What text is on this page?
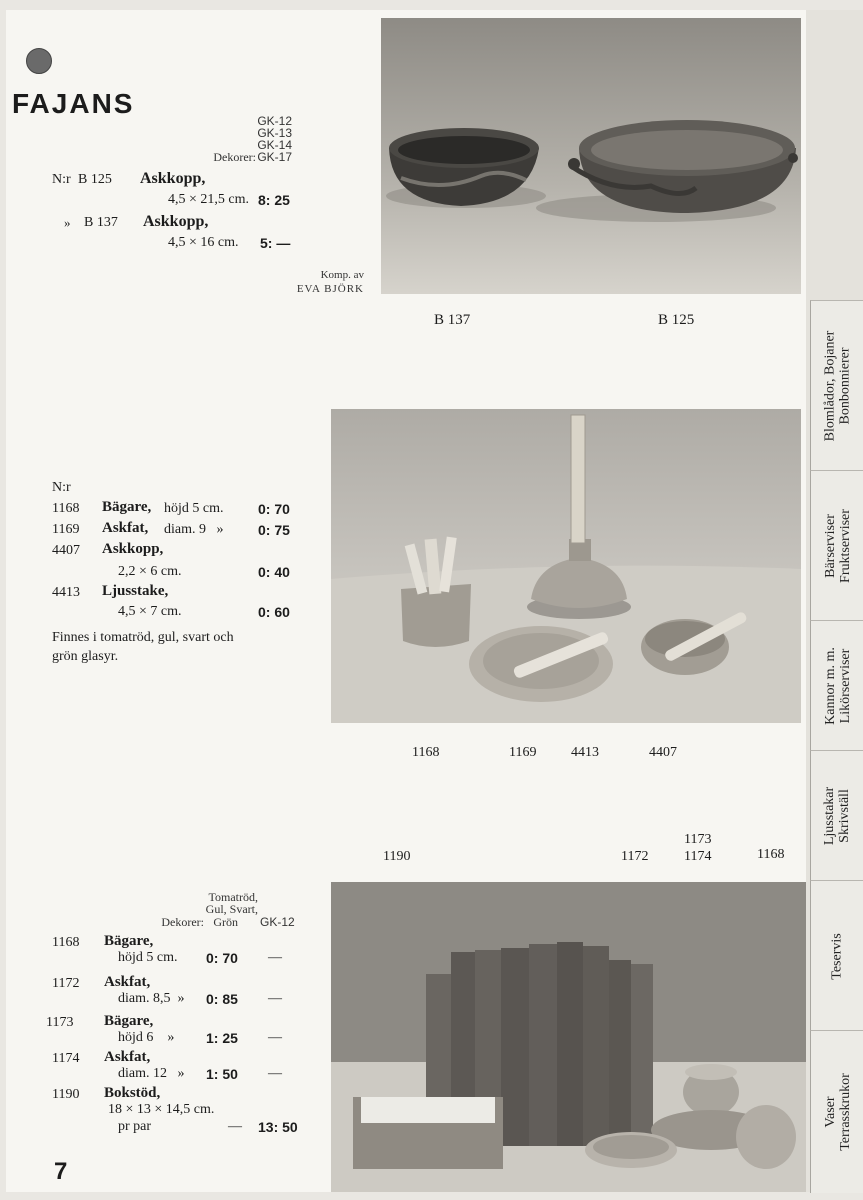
FAJANS
GK-12
GK-13
GK-14
Dekorer: GK-17
N:r B 125 Askkopp,
4,5 × 21,5 cm. 8: 25
» B 137 Askkopp,
4,5 × 16 cm. 5: —
Komp. av
EVA BJÖRK
B 137	B 125
N:r
1168 Bägare, höjd 5 cm. 0: 70
1169 Askfat, diam. 9   » 0: 75
4407 Askkopp,
2,2 × 6 cm.	0: 40
4413 Ljusstake,
4,5 × 7 cm.	0: 60
Finnes i tomatröd, gul, svart och
grön glasyr.
1168	1169 4413	4407
1190	1172
1173
1174	1168
Tomatröd,
Gul, Svart,
Dekorer: Grön GK-12
1168 Bägare,
höjd 5 cm. 0: 70 —
1172 Askfat,
diam. 8,5  » 0: 85 —
1173 Bägare,
höjd 6    » 1: 25 —
1174 Askfat,
diam. 12   » 1: 50 —
1190 Bokstöd,
18 × 13 × 14,5 cm.
pr par	— 13: 50
7
Blomlådor, Bojaner Bonbonnierer
Bärserviser Fruktserviser
Kannor m. m. Likörserviser
Ljusstakar Skrivställ
Teservis
Vaser Terrasskrukor
